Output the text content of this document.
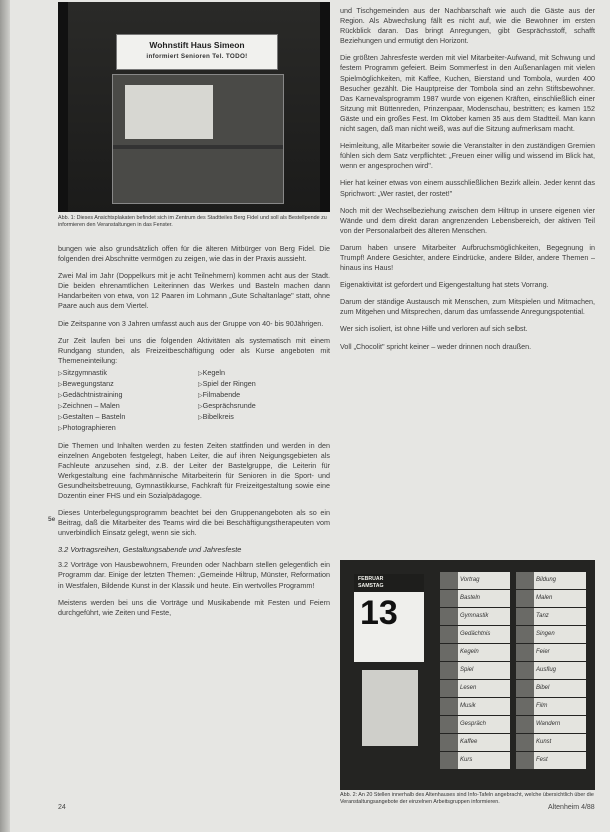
Wohnstift Haus Simeon
informiert Senioren Tel. TODO!
Abb. 1: Dieses Ansichtsplakaten befindet sich im Zentrum des Stadtteiles Berg Fidel und soll als Bestellpende zu informieren den Veranstaltungen in das Fenster.

bungen wie also grundsätzlich offen für die älteren Mitbürger von Berg Fidel. Die folgenden drei Abschnitte vermögen zu zeigen, wie das in der Praxis aussieht.

Zwei Mal im Jahr (Doppelkurs mit je acht Teilnehmern) kommen acht aus der Stadt. Die beiden ehrenamtlichen Leiterinnen das Werkes und Basteln machen dann Handarbeiten von etwa, von 12 Paaren im Lohmann „Gute Schaltanlage" statt, ohne Paare auch aus dem Viertel.

Die Zeitspanne von 3 Jahren umfasst auch aus der Gruppe von 40- bis 90Jährigen.

Zur Zeit laufen bei uns die folgenden Aktivitäten als systematisch mit einem Rundgang stunden, als Freizeitbeschäftigung oder als Kurse angeboten mit Themeneinteilung:

▷ Sitzgymnastik	▷ Kegeln
▷ Bewegungstanz	▷ Spiel der Ringen
▷ Gedächtnistraining	▷ Filmabende
▷ Zeichnen – Malen	▷ Gesprächsrunde
▷ Gestalten – Basteln	▷ Bibelkreis
▷ Photographieren

Die Themen und Inhalten werden zu festen Zeiten stattfinden und werden in den einzelnen Angeboten festgelegt, haben Leiter, die auf ihren Neigungsgebieten als Fachleute anzusehen sind, z.B. der Leiter der Bastelgruppe, die Leiterin für Werkgestaltung eine fachmännische Mitarbeiterin für Senioren in die Sport- und Gesundheitsbetreuung, Gymnastikkurse, Fachkraft für Freizeitgestaltung sowie eine Dozentin einer FHS und ein Sozialpädagoge.

Dieses Unterbelegungsprogramm beachtet bei den Gruppenangeboten als so ein Beitrag, daß die Mitarbeiter des Teams wird die bei Beschäftigungstherapeuten vom unverbindlich Einsatz gelegt, wenn sie sich.

3.2 Vortragsreihen, Gestaltungsabende und Jahresfeste

3.2 Vorträge von Hausbewohnern, Freunden oder Nachbarn stellen gelegentlich ein Programm dar. Einige der letzten Themen: „Gemeinde Hiltrup, Münster, Reformation in Westfalen, Bildende Kunst in der Klassik und heute. Ein wertvolles Programm!

Meistens werden bei uns die Vorträge und Musikabende mit Festen und Feiern durchgeführt, wie Zeiten und Feste,

5e

und Tischgemeinden aus der Nachbarschaft wie auch die Gäste aus der Region. Als Abwechslung fällt es nicht auf, wie die Bewohner im ersten Rückblick daran. Das bringt Anregungen, gibt Gesprächsstoff, schafft Beziehungen und ermutigt den Horizont.

Die größten Jahresfeste werden mit viel Mitarbeiter-Aufwand, mit Schwung und festem Programm gefeiert. Beim Sommerfest in den Außenanlagen mit vielen Spielmöglichkeiten, mit Kaffee, Kuchen, Bierstand und Tombola, wurden 400 Besucher gezählt. Die Hauptpreise der Tombola sind an zehn Stiftsbewohner. Das Karnevalsprogramm 1987 wurde von eigenen Kräften, einschließlich einer Sitzung mit Büttenreden, Prinzenpaar, Modenschau, bestritten; es kamen 152 Gäste und ein großes Fest. Im Oktober kamen 35 aus dem Stadtteil. Man kann nicht sagen, daß man nicht weiß, was auf die Sitzung aufmerksam macht.

Heimleitung, alle Mitarbeiter sowie die Veranstalter in den zuständigen Gremien fühlen sich dem Satz verpflichtet: „Freuen einer willig und wissend im Blick hat, wenn er angesprochen wird".

Hier hat keiner etwas von einem ausschließlichen Bezirk allein. Jeder kennt das Sprichwort: „Wer rastet, der rostet!"

Noch mit der Wechselbeziehung zwischen dem Hiltrup in unsere eigenen vier Wände und dem direkt daran angrenzenden Lebensbereich, der aktiven Teil von der Personalarbeit des älteren Menschen.

Darum haben unsere Mitarbeiter Aufbruchsmöglichkeiten, Begegnung in Trumpf! Andere Gesichter, andere Eindrücke, andere Bilder, andere Themen – hinaus ins Haus!

Eigenaktivität ist gefordert und Eigengestaltung hat stets Vorrang.

Darum der ständige Austausch mit Menschen, zum Mitspielen und Mitmachen, zum Mitgehen und Mitsprechen, darum das umfassende Anregungspotential.

Wer sich isoliert, ist ohne Hilfe und verloren auf sich selbst.

Voll „Chocolit" spricht keiner – weder drinnen noch draußen.

FEBRUAR
SAMSTAG
13
Vortrag	Bildung
Basteln	Malen
Gymnastik	Tanz
Gedächtnis	Singen
Kegeln	Feier
Spiel	Ausflug
Lesen	Bibel
Musik	Film
Gespräch	Wandern
Kaffee	Kunst
Kurs	Fest
Abb. 2: An 20 Stellen innerhalb des Altenhauses sind Info-Tafeln angebracht, welche übersichtlich über die Veranstaltungsangebote der einzelnen Arbeitsgruppen informieren.
24	Altenheim 4/88
